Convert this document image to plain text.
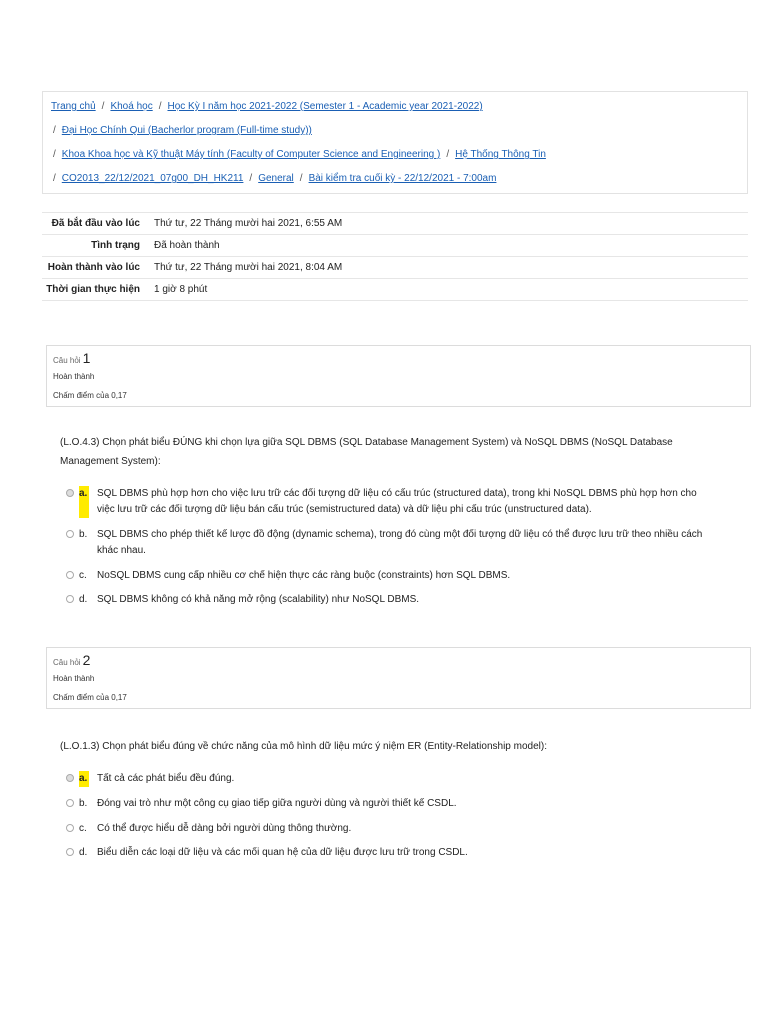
Trang chủ / Khoá học / Học Kỳ I năm học 2021-2022 (Semester 1 - Academic year 2021-2022)
/ Đại Học Chính Qui (Bacherlor program (Full-time study))
/ Khoa Khoa học và Kỹ thuật Máy tính (Faculty of Computer Science and Engineering ) / Hệ Thống Thông Tin
/ CO2013_22/12/2021_07g00_DH_HK211 / General / Bài kiểm tra cuối kỳ - 22/12/2021 - 7:00am
Đã bắt đầu vào lúc	Thứ tư, 22 Tháng mười hai 2021, 6:55 AM
Tình trạng	Đã hoàn thành
Hoàn thành vào lúc	Thứ tư, 22 Tháng mười hai 2021, 8:04 AM
Thời gian thực hiện	1 giờ 8 phút
Câu hỏi 1
Hoàn thành
Chấm điểm của 0,17
(L.O.4.3) Chọn phát biểu ĐÚNG khi chọn lựa giữa SQL DBMS (SQL Database Management System) và NoSQL DBMS (NoSQL Database Management System):
a. SQL DBMS phù hợp hơn cho việc lưu trữ các đối tượng dữ liệu có cấu trúc (structured data), trong khi NoSQL DBMS phù hợp hơn cho việc lưu trữ các đối tượng dữ liệu bán cấu trúc (semistructured data) và dữ liệu phi cấu trúc (unstructured data).
b. SQL DBMS cho phép thiết kế lược đồ động (dynamic schema), trong đó cùng một đối tượng dữ liệu có thể được lưu trữ theo nhiều cách khác nhau.
c.	NoSQL DBMS cung cấp nhiều cơ chế hiện thực các ràng buộc (constraints) hơn SQL DBMS.
d. SQL DBMS không có khả năng mở rộng (scalability) như NoSQL DBMS.
Câu hỏi 2
Hoàn thành
Chấm điểm của 0,17
(L.O.1.3) Chọn phát biểu đúng về chức năng của mô hình dữ liệu mức ý niệm ER (Entity-Relationship model):
a. Tất cả các phát biểu đều đúng.
b. Đóng vai trò như một công cụ giao tiếp giữa người dùng và người thiết kế CSDL.
c.	Có thể được hiểu dễ dàng bởi người dùng thông thường.
d. Biểu diễn các loại dữ liệu và các mối quan hệ của dữ liệu được lưu trữ trong CSDL.
